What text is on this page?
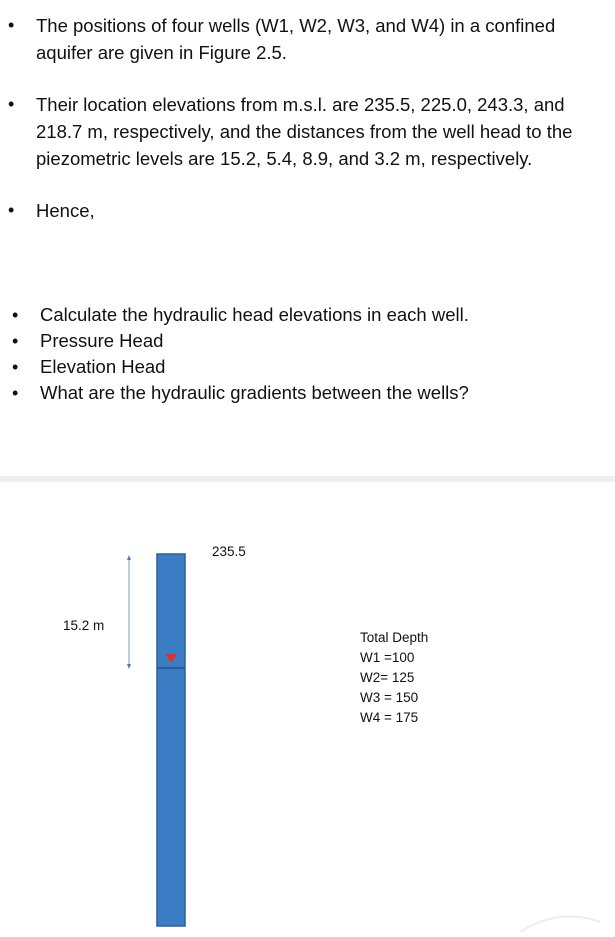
• The positions of four wells (W1, W2, W3, and W4) in a confined aquifer are given in Figure 2.5.

• Their location elevations from m.s.l. are 235.5, 225.0, 243.3, and 218.7 m, respectively, and the distances from the well head to the piezometric levels are 15.2, 5.4, 8.9, and 3.2 m, respectively.

• Hence,

• Calculate the hydraulic head elevations in each well.

• Pressure Head

• Elevation Head

• What are the hydraulic gradients between the wells?

235.5
15.2 m
Total Depth
W1 =100
W2= 125
W3 = 150
W4 = 175
